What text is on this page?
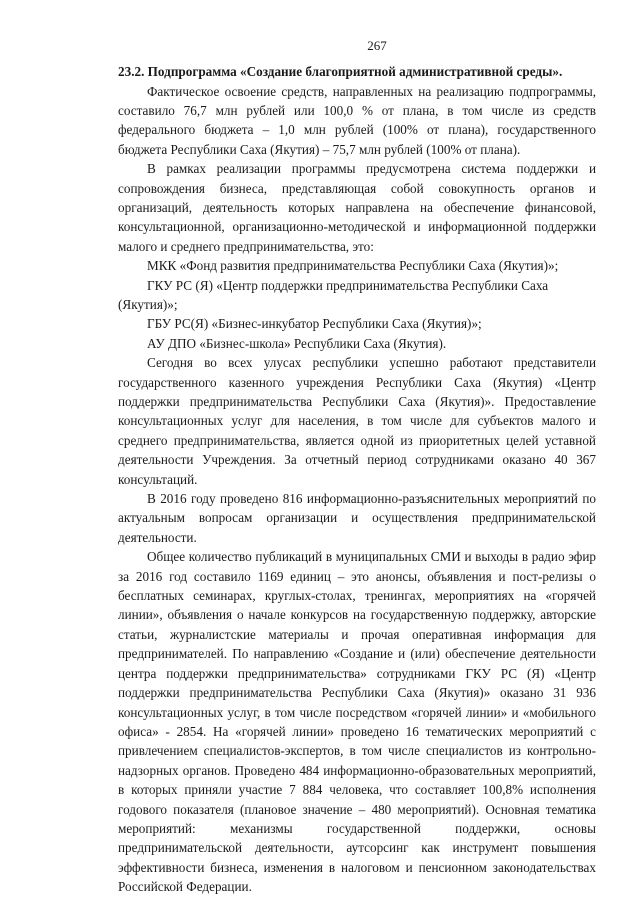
267

23.2. Подпрограмма «Создание благоприятной административной среды».

Фактическое освоение средств, направленных на реализацию подпрограммы, составило 76,7 млн рублей или 100,0 % от плана, в том числе из средств федерального бюджета – 1,0 млн рублей (100% от плана), государственного бюджета Республики Саха (Якутия) – 75,7 млн рублей (100% от плана).

В рамках реализации программы предусмотрена система поддержки и сопровождения бизнеса, представляющая собой совокупность органов и организаций, деятельность которых направлена на обеспечение финансовой, консультационной, организационно-методической и информационной поддержки малого и среднего предпринимательства, это:

МКК «Фонд развития предпринимательства Республики Саха (Якутия)»;

ГКУ РС (Я) «Центр поддержки предпринимательства Республики Саха (Якутия)»;

ГБУ РС(Я) «Бизнес-инкубатор Республики Саха (Якутия)»;

АУ ДПО «Бизнес-школа» Республики Саха (Якутия).

Сегодня во всех улусах республики успешно работают представители государственного казенного учреждения Республики Саха (Якутия) «Центр поддержки предпринимательства Республики Саха (Якутия)». Предоставление консультационных услуг для населения, в том числе для субъектов малого и среднего предпринимательства, является одной из приоритетных целей уставной деятельности Учреждения. За отчетный период сотрудниками оказано 40 367 консультаций.

В 2016 году проведено 816 информационно-разъяснительных мероприятий по актуальным вопросам организации и осуществления предпринимательской деятельности.

Общее количество публикаций в муниципальных СМИ и выходы в радио эфир за 2016 год составило 1169 единиц – это анонсы, объявления и пост-релизы о бесплатных семинарах, круглых-столах, тренингах, мероприятиях на «горячей линии», объявления о начале конкурсов на государственную поддержку, авторские статьи, журналистские материалы и прочая оперативная информация для предпринимателей. По направлению «Создание и (или) обеспечение деятельности центра поддержки предпринимательства» сотрудниками ГКУ РС (Я) «Центр поддержки предпринимательства Республики Саха (Якутия)» оказано 31 936 консультационных услуг, в том числе посредством «горячей линии» и «мобильного офиса» - 2854. На «горячей линии» проведено 16 тематических мероприятий с привлечением специалистов-экспертов, в том числе специалистов из контрольно-надзорных органов. Проведено 484 информационно-образовательных мероприятий, в которых приняли участие 7 884 человека, что составляет 100,8% исполнения годового показателя (плановое значение – 480 мероприятий). Основная тематика мероприятий: механизмы государственной поддержки, основы предпринимательской деятельности, аутсорсинг как инструмент повышения эффективности бизнеса, изменения в налоговом и пенсионном законодательствах Российской Федерации.
